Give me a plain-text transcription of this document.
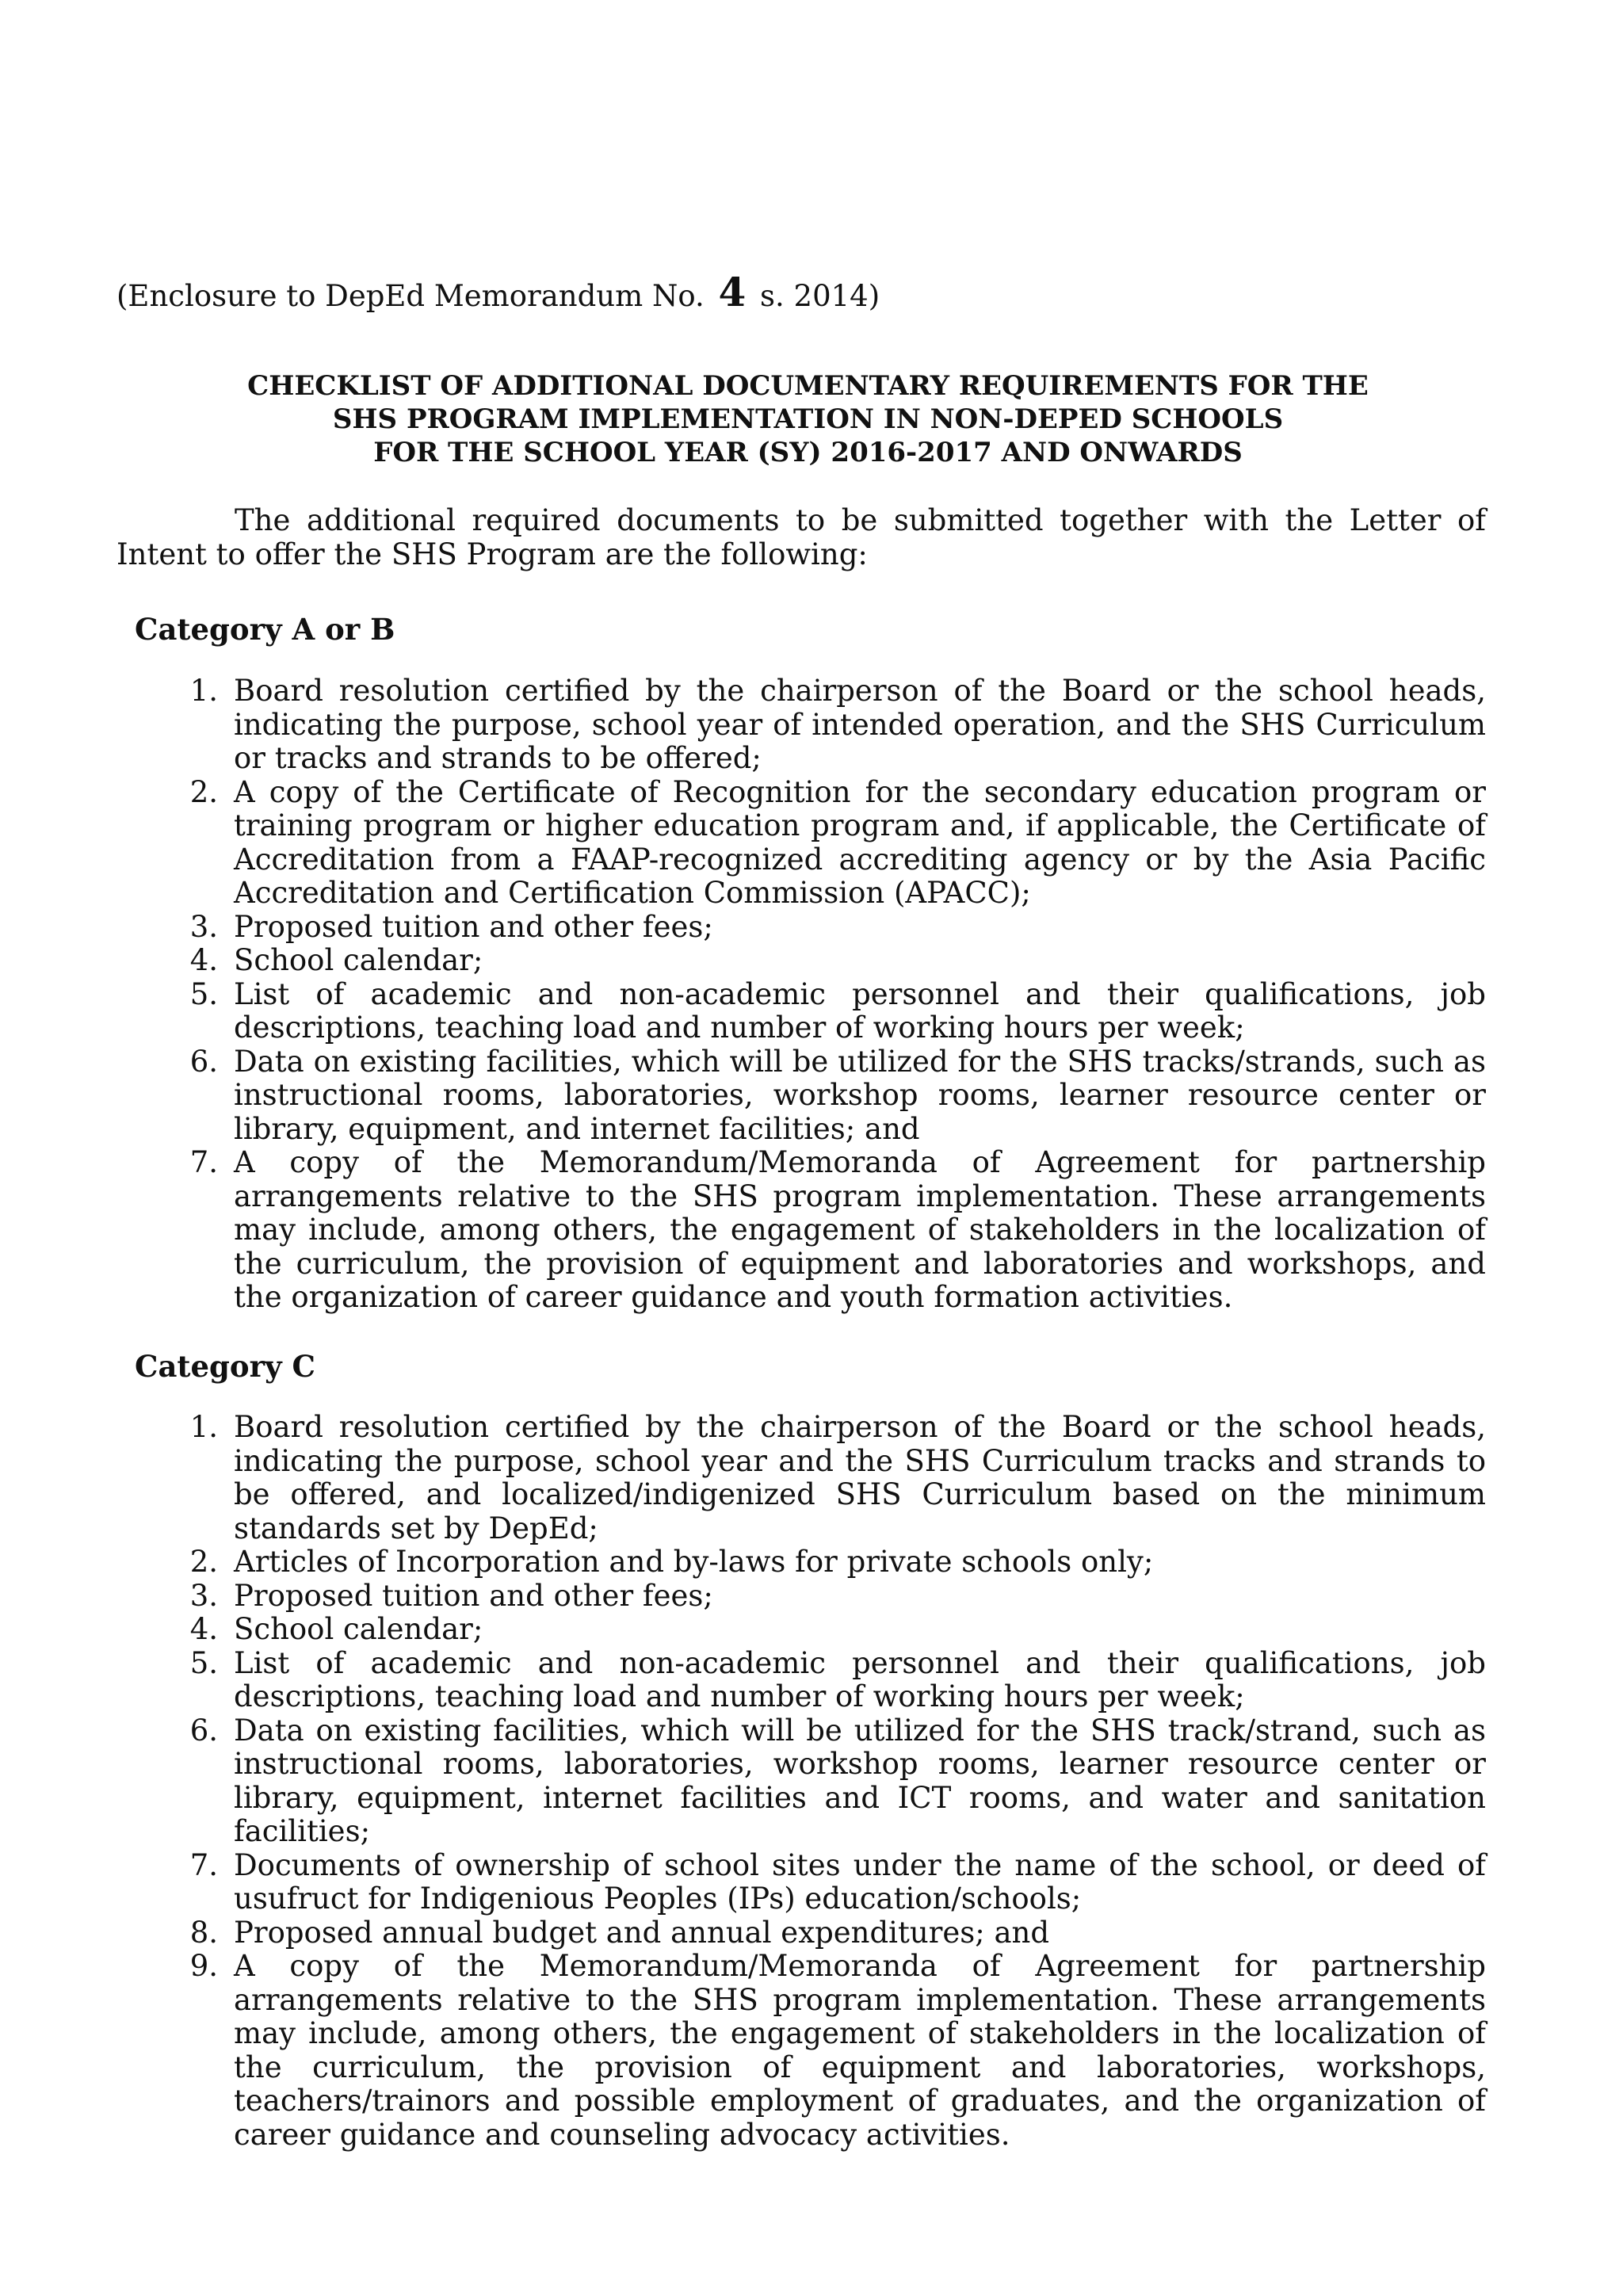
(Enclosure to DepEd Memorandum No. 4 s. 2014)
CHECKLIST OF ADDITIONAL DOCUMENTARY REQUIREMENTS FOR THE
SHS PROGRAM IMPLEMENTATION IN NON-DEPED SCHOOLS
FOR THE SCHOOL YEAR (SY) 2016-2017 AND ONWARDS
The additional required documents to be submitted together with the Letter of Intent to offer the SHS Program are the following:
Category A or B
1. Board resolution certified by the chairperson of the Board or the school heads, indicating the purpose, school year of intended operation, and the SHS Curriculum or tracks and strands to be offered;
2. A copy of the Certificate of Recognition for the secondary education program or training program or higher education program and, if applicable, the Certificate of Accreditation from a FAAP-recognized accrediting agency or by the Asia Pacific Accreditation and Certification Commission (APACC);
3. Proposed tuition and other fees;
4. School calendar;
5. List of academic and non-academic personnel and their qualifications, job descriptions, teaching load and number of working hours per week;
6. Data on existing facilities, which will be utilized for the SHS tracks/strands, such as instructional rooms, laboratories, workshop rooms, learner resource center or library, equipment, and internet facilities; and
7. A copy of the Memorandum/Memoranda of Agreement for partnership arrangements relative to the SHS program implementation. These arrangements may include, among others, the engagement of stakeholders in the localization of the curriculum, the provision of equipment and laboratories and workshops, and the organization of career guidance and youth formation activities.
Category C
1. Board resolution certified by the chairperson of the Board or the school heads, indicating the purpose, school year and the SHS Curriculum tracks and strands to be offered, and localized/indigenized SHS Curriculum based on the minimum standards set by DepEd;
2. Articles of Incorporation and by-laws for private schools only;
3. Proposed tuition and other fees;
4. School calendar;
5. List of academic and non-academic personnel and their qualifications, job descriptions, teaching load and number of working hours per week;
6. Data on existing facilities, which will be utilized for the SHS track/strand, such as instructional rooms, laboratories, workshop rooms, learner resource center or library, equipment, internet facilities and ICT rooms, and water and sanitation facilities;
7. Documents of ownership of school sites under the name of the school, or deed of usufruct for Indigenious Peoples (IPs) education/schools;
8. Proposed annual budget and annual expenditures; and
9. A copy of the Memorandum/Memoranda of Agreement for partnership arrangements relative to the SHS program implementation. These arrangements may include, among others, the engagement of stakeholders in the localization of the curriculum, the provision of equipment and laboratories, workshops, teachers/trainors and possible employment of graduates, and the organization of career guidance and counseling advocacy activities.
